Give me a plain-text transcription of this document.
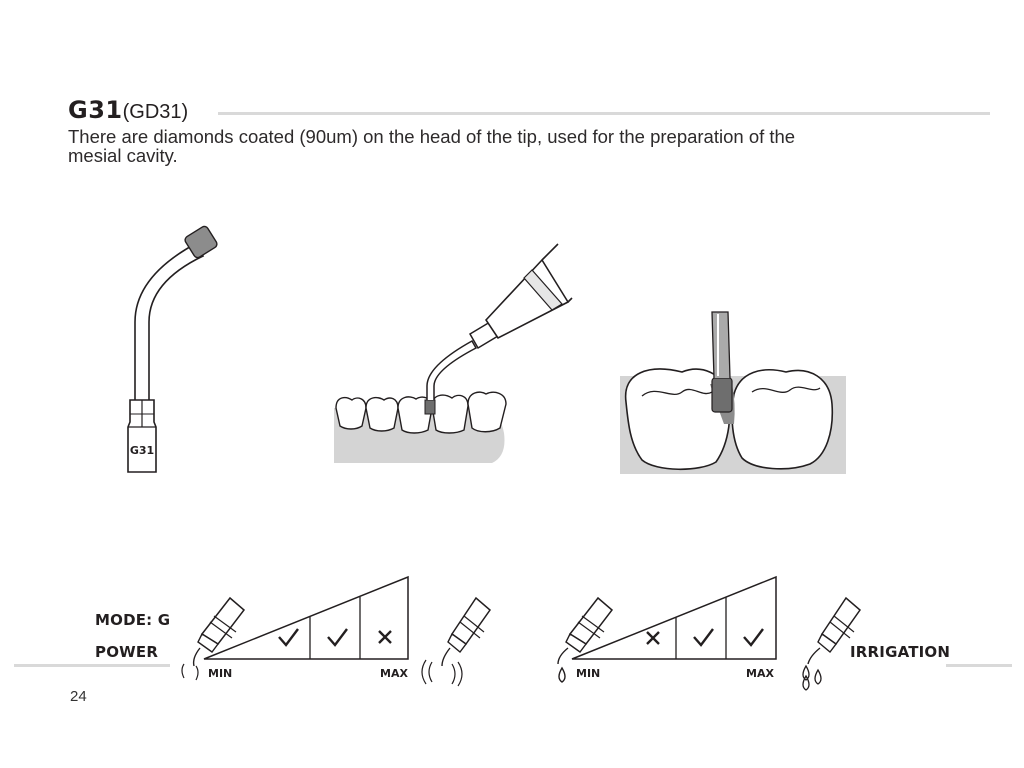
G31(GD31)
There are diamonds coated (90um) on the head of the tip, used for the preparation of the
mesial cavity.
G31
MODE: G
POWER
MIN	MAX	MIN	MAX
IRRIGATION
24
